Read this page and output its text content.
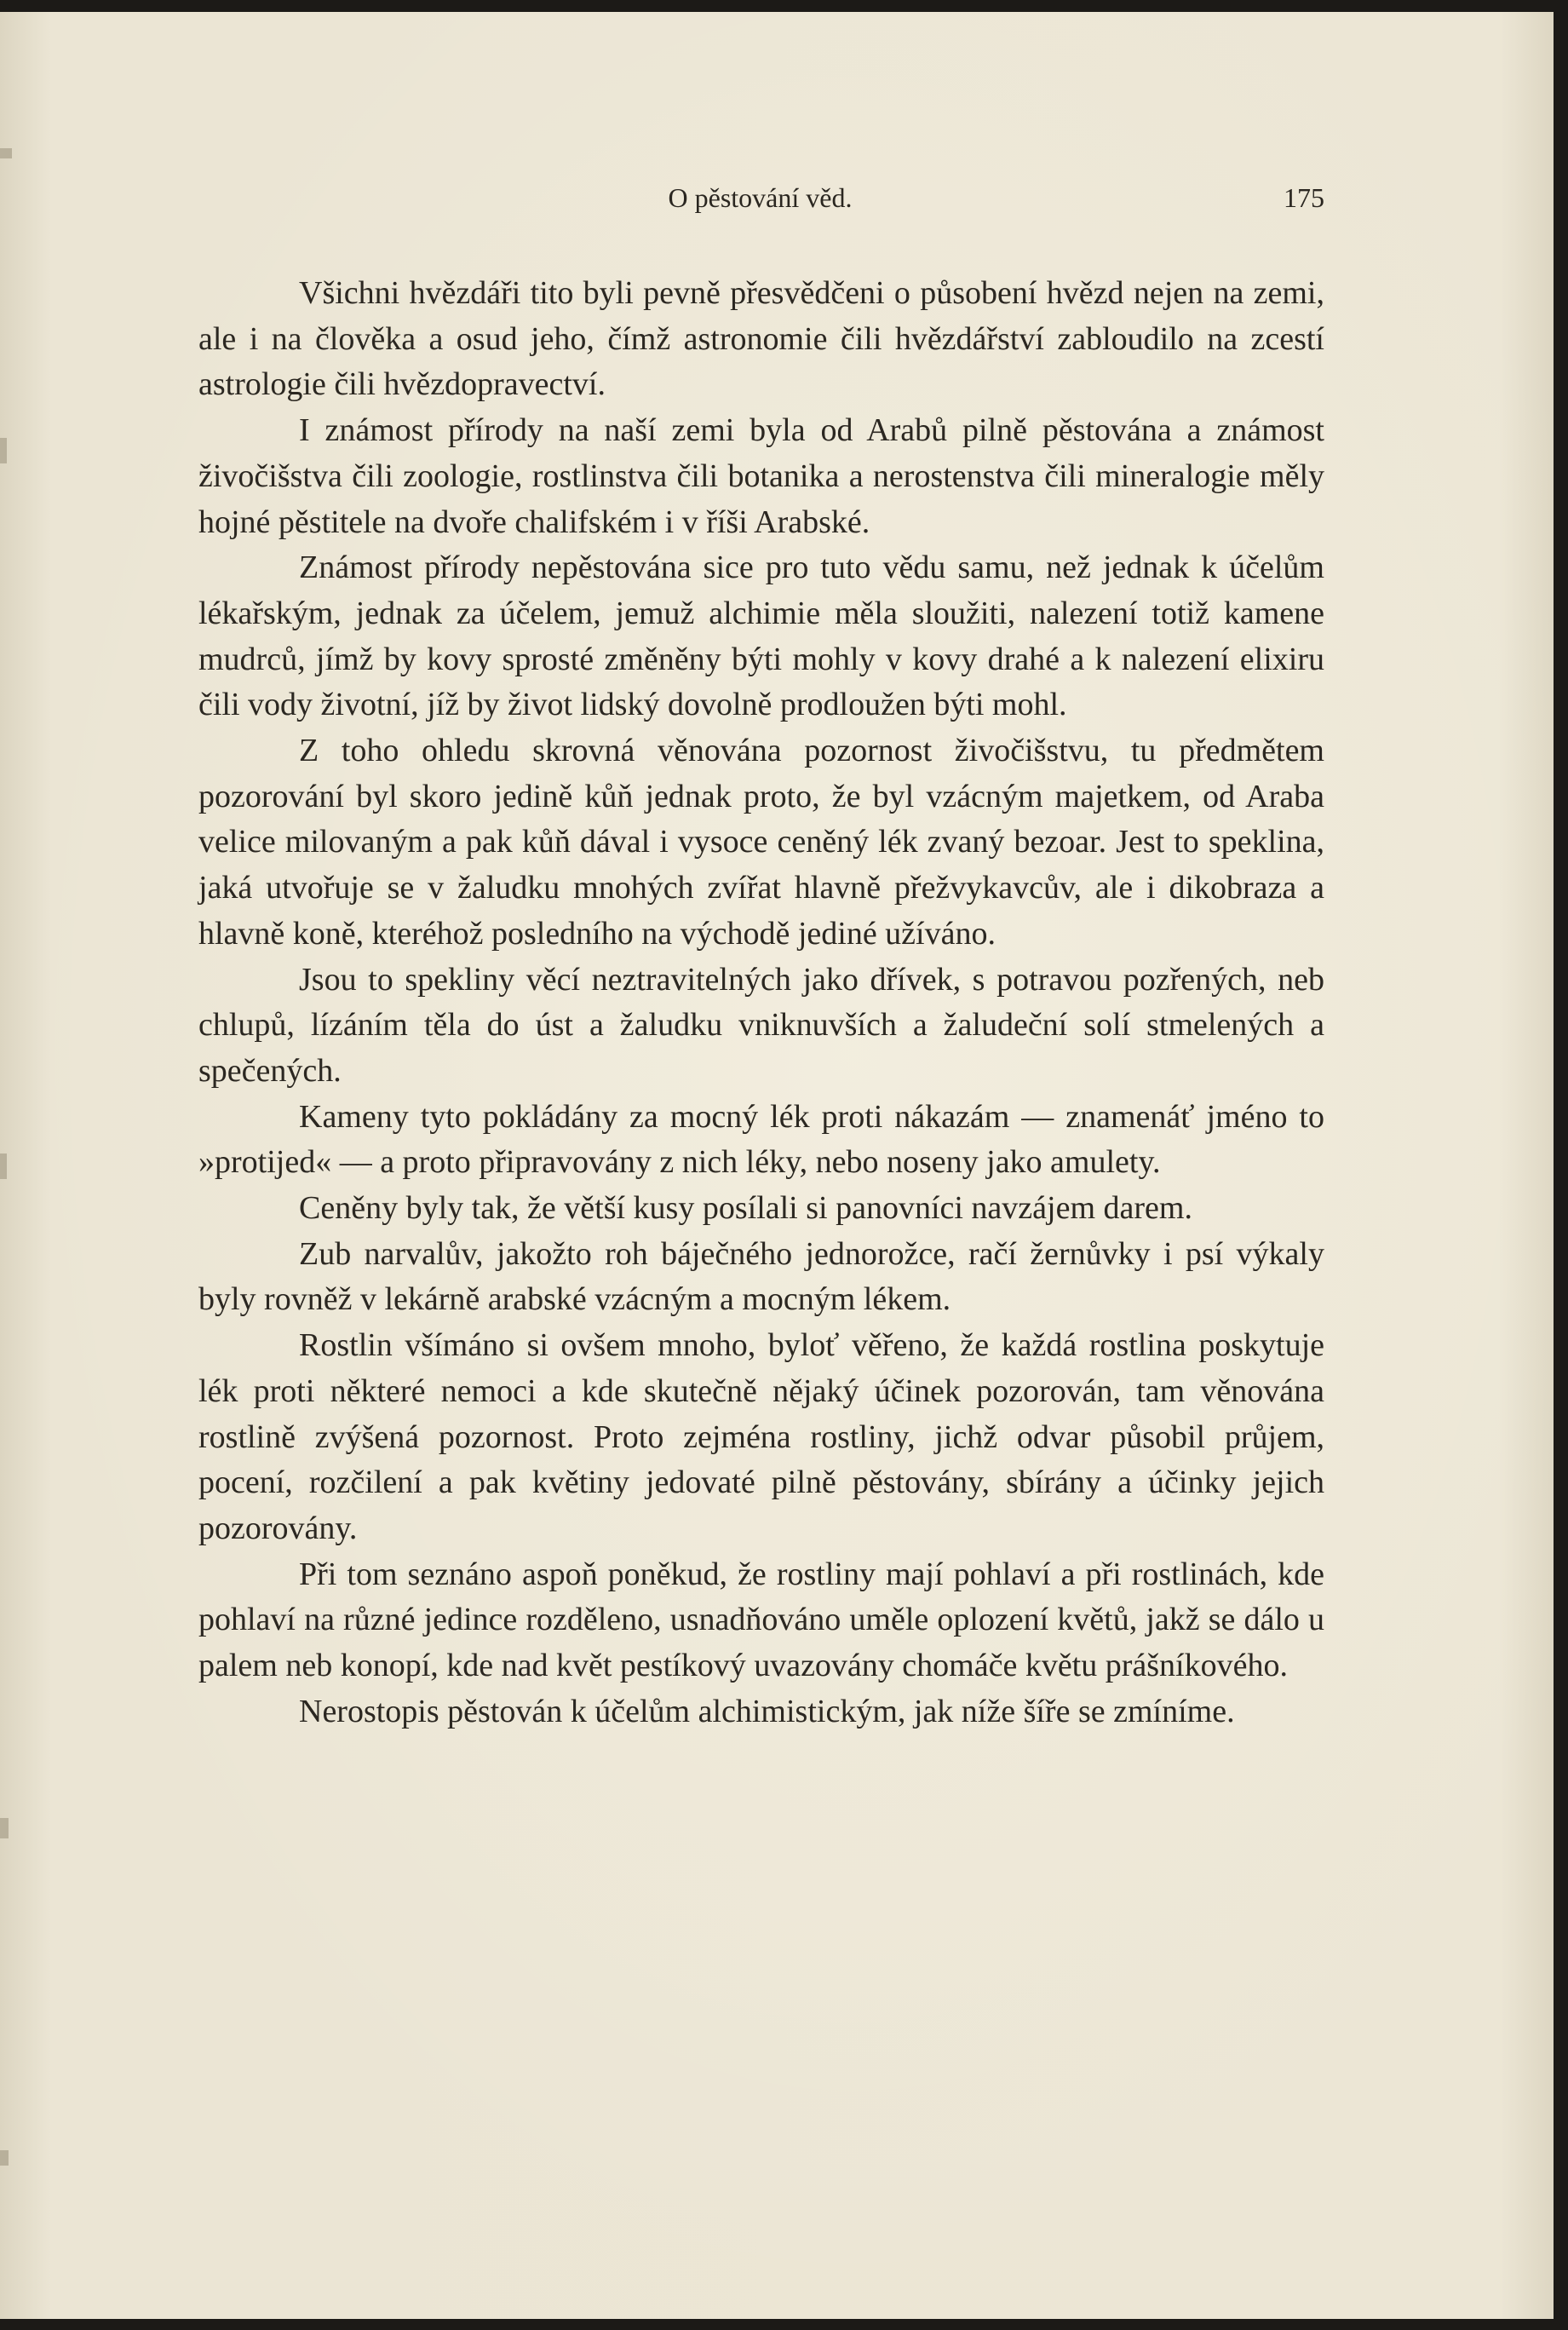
O pěstování věd.	175

Všichni hvězdáři tito byli pevně přesvědčeni o působení hvězd nejen na zemi, ale i na člověka a osud jeho, čímž astronomie čili hvězdářství zabloudilo na zcestí astrologie čili hvězdopravectví.

I známost přírody na naší zemi byla od Arabů pilně pěstována a známost živočišstva čili zoologie, rostlinstva čili botanika a nerostenstva čili mineralogie měly hojné pěstitele na dvoře chalifském i v říši Arabské.

Známost přírody nepěstována sice pro tuto vědu samu, než jednak k účelům lékařským, jednak za účelem, jemuž alchimie měla sloužiti, nalezení totiž kamene mudrců, jímž by kovy sprosté změněny býti mohly v kovy drahé a k nalezení elixiru čili vody životní, jíž by život lidský dovolně prodloužen býti mohl.

Z toho ohledu skrovná věnována pozornost živočišstvu, tu předmětem pozorování byl skoro jedině kůň jednak proto, že byl vzácným majetkem, od Araba velice milovaným a pak kůň dával i vysoce ceněný lék zvaný bezoar. Jest to speklina, jaká utvořuje se v žaludku mnohých zvířat hlavně přežvykavcův, ale i dikobraza a hlavně koně, kteréhož posledního na východě jediné užíváno.

Jsou to spekliny věcí neztravitelných jako dřívek, s potravou pozřených, neb chlupů, lízáním těla do úst a žaludku vniknuvších a žaludeční solí stmelených a spečených.

Kameny tyto pokládány za mocný lék proti nákazám — znamenáť jméno to »protijed« — a proto připravovány z nich léky, nebo noseny jako amulety.

Ceněny byly tak, že větší kusy posílali si panovníci navzájem darem.

Zub narvalův, jakožto roh báječného jednorožce, račí žernůvky i psí výkaly byly rovněž v lekárně arabské vzácným a mocným lékem.

Rostlin všímáno si ovšem mnoho, byloť věřeno, že každá rostlina poskytuje lék proti některé nemoci a kde skutečně nějaký účinek pozorován, tam věnována rostlině zvýšená pozornost. Proto zejména rostliny, jichž odvar působil průjem, pocení, rozčilení a pak květiny jedovaté pilně pěstovány, sbírány a účinky jejich pozorovány.

Při tom seznáno aspoň poněkud, že rostliny mají pohlaví a při rostlinách, kde pohlaví na různé jedince rozděleno, usnadňováno uměle oplození květů, jakž se dálo u palem neb konopí, kde nad květ pestíkový uvazovány chomáče květu prášníkového.

Nerostopis pěstován k účelům alchimistickým, jak níže šíře se zmíníme.
